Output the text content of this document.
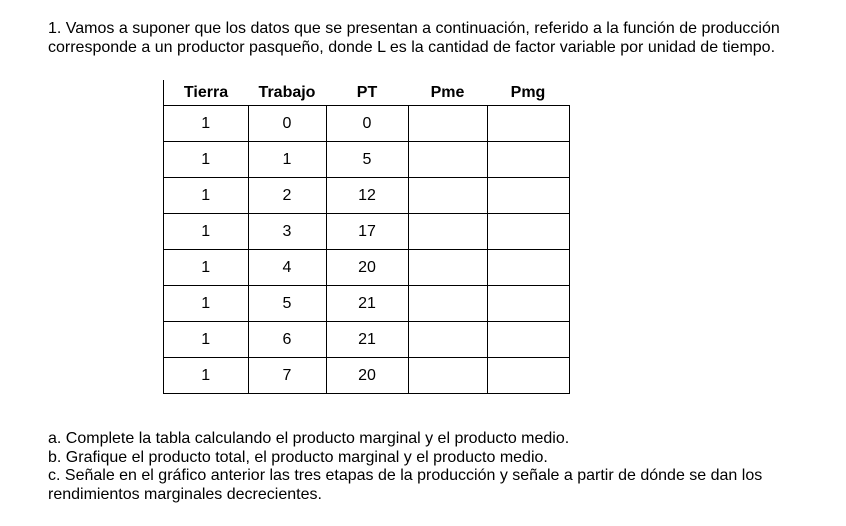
1. Vamos a suponer que los datos que se presentan a continuación, referido a la función de producción corresponde a un productor pasqueño, donde L es la cantidad de factor variable por unidad de tiempo.

Tierra	Trabajo	PT	Pme	Pmg
1	0	0		
1	1	5		
1	2	12		
1	3	17		
1	4	20		
1	5	21		
1	6	21		
1	7	20		

a. Complete la tabla calculando el producto marginal y el producto medio.

b. Grafique el producto total, el producto marginal y el producto medio.

c. Señale en el gráfico anterior las tres etapas de la producción y señale a partir de dónde se dan los rendimientos marginales decrecientes.
